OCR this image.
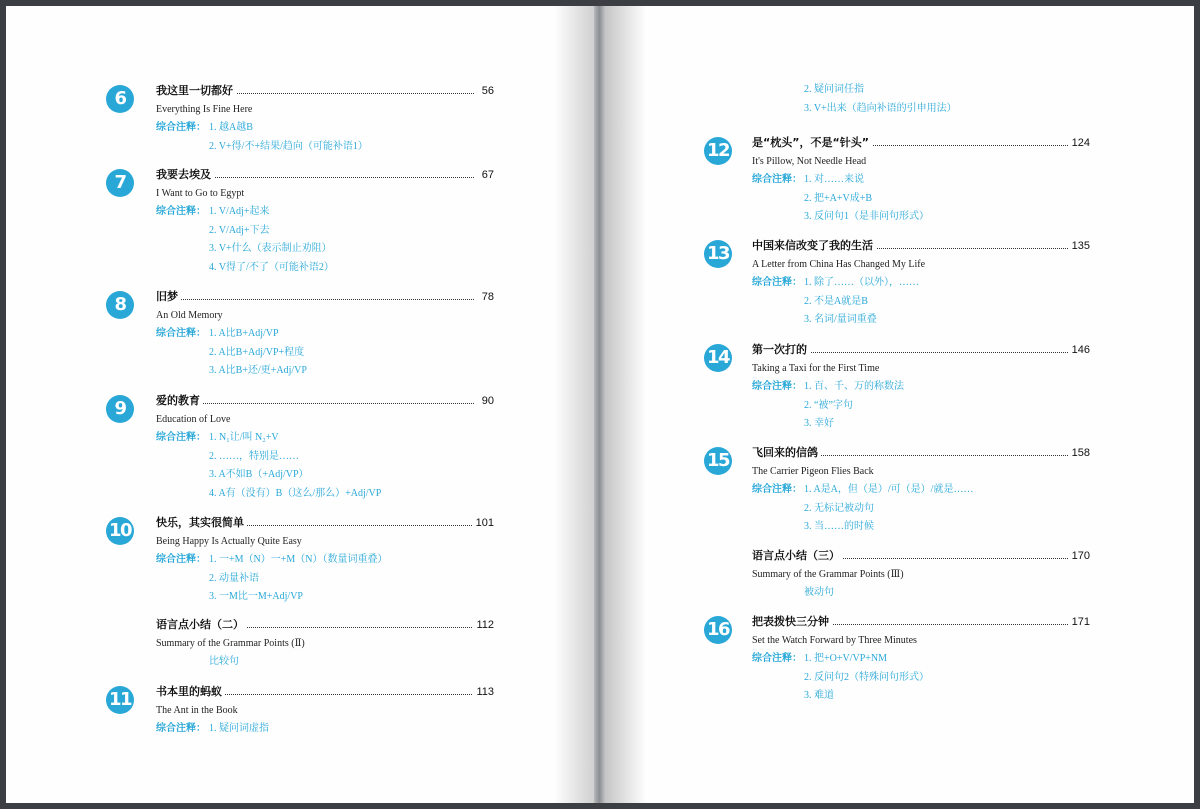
6	我这里一切都好	56
Everything Is Fine Here
综合注释： 1. 越A越B
2. V+得/不+结果/趋向（可能补语1）
7	我要去埃及	67
I Want to Go to Egypt
综合注释： 1. V/Adj+起来
2. V/Adj+下去
3. V+什么（表示制止劝阻）
4. V得了/不了（可能补语2）
8	旧梦	78
An Old Memory
综合注释： 1. A比B+Adj/VP
2. A比B+Adj/VP+程度
3. A比B+还/更+Adj/VP
9	爱的教育	90
Education of Love
综合注释： 1. N₁让/叫 N₂+V
2. ……，特别是……
3. A不如B（+Adj/VP）
4. A有（没有）B（这么/那么）+Adj/VP
10 快乐，其实很简单	101
Being Happy Is Actually Quite Easy
综合注释： 1. 一+M（N）一+M（N）（数量词重叠）
2. 动量补语
3. 一M比一M+Adj/VP
语言点小结（二）	112
Summary of the Grammar Points (Ⅱ)
比较句
11 书本里的蚂蚁	113
The Ant in the Book
综合注释： 1. 疑问词虚指
2. 疑问词任指
3. V+出来（趋向补语的引申用法）
12 是“枕头”，不是“针头”	124
It's Pillow, Not Needle Head
综合注释： 1. 对……来说
2. 把+A+V成+B
3. 反问句1（是非问句形式）
13 中国来信改变了我的生活	135
A Letter from China Has Changed My Life
综合注释： 1. 除了……（以外），……
2. 不是A就是B
3. 名词/量词重叠
14 第一次打的	146
Taking a Taxi for the First Time
综合注释： 1. 百、千、万的称数法
2. “被”字句
3. 幸好
15 飞回来的信鸽	158
The Carrier Pigeon Flies Back
综合注释： 1. A是A，但（是）/可（是）/就是……
2. 无标记被动句
3. 当……的时候
语言点小结（三）	170
Summary of the Grammar Points (Ⅲ)
被动句
16 把表拨快三分钟	171
Set the Watch Forward by Three Minutes
综合注释： 1. 把+O+V/VP+NM
2. 反问句2（特殊问句形式）
3. 难道
